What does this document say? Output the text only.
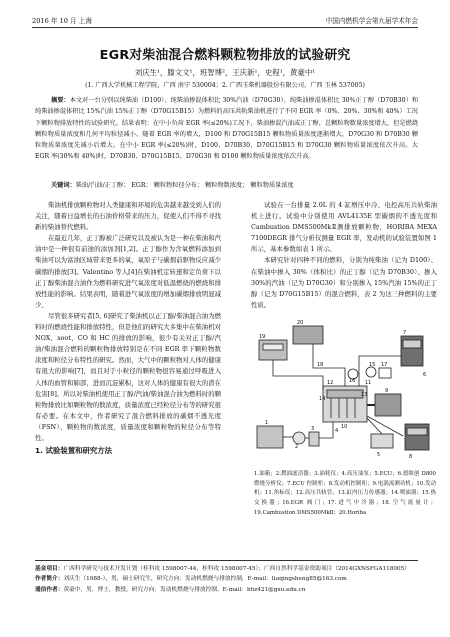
2016 年 10 月 上海	中国内燃机学会第九届学术年会
EGR对柴油混合燃料颗粒物排放的试验研究
刘庆生¹，滕文文¹，班智博²，王庆新¹，史程¹，黄豪中¹
(1. 广西大学机械工程学院，广西 南宁 530004；2. 广西玉柴机器股份有限公司，广西 玉林 537005)
摘要：本文对一台分别以纯柴油（D100）、纯柴油掺混体积比 30%汽油（D70G30）、纯柴油掺混体积比 30%正丁醇（D70B30）和纯柴油掺混体积比 15%汽油 15%正丁醇（D70G15B15）为燃料的高压共轨柴油机进行了不同 EGR 率（0%、20%、30%和 40%）工况下颗粒物排放特性的试验研究。结果表明：在中小负荷 EGR 率(≤20%)工况下，柴油掺混汽油或正丁醇，总颗粒物数量浓度增大，但是燃烧颗粒物质量浓度和几何平均粒径减小。随着 EGR 率的增大，D100 和 D70G15B15 颗粒物质量浓度逐渐增大，D70G30 和 D70B30 颗粒物质量浓度先减小后增大。在中小 EGR 率(≤20%)时，D100、D70B30、D70G15B15 和 D70G30 颗粒物质量浓度依次升高。大 EGR 率(30%和 40%)时，D70B30、D70G15B15、D70G30 和 D100 颗粒物质量浓度依次升高。
关键词：柴油/汽油/正丁醇； EGR； 颗粒物粒径分布； 颗粒物数浓度； 颗粒物质量浓度

柴油机排放颗粒物对人类健康和环境的危害越来越受到人们的关注，随着日益增长的石油价格带来的压力，促使人们不得不寻找新的柴油替代燃料。

在最近几年，正丁醇被广泛研究以及被认为是一种在柴油和汽油中是一种很有前途的添加剂[1,2]。正丁醇作为含氧燃料添加到柴油可以为富油区域带来更多的氧，氧原子与碳烟前驱物反应减少碳烟的排放[3]。Valentino 等人[4]在柴油机定转速和定负荷下以正丁醇柴油混合油作为燃料研究进气氧浓度对低温燃烧的燃烧和排放性能的影响。结果表明，随着进气氧浓度的增加碳烟排放明显减少。

尽管很多研究者[5, 6]研究了柴油机以正丁醇/柴油混合油为燃料时的燃烧性能和排放特性，但是他们的研究大多集中在柴油机对 NOX、soot、CO 和 HC 的排放的影响，很少有关对正丁醇/汽油/柴油混合燃料的颗粒物排放特别是在不同 EGR 率下颗粒物数浓度和粒径分布特性的研究。然而，大气中的颗粒物对人体的健康有很大的影响[7]，而且对于小粒径的颗粒物很容易通过呼吸进入人体的血管和肺部，进而沉淀累积，这对人体的健康有很大的潜在危害[8]。所以对柴油机使用正丁醇/汽油/柴油混合油为燃料时的颗粒物排放比如颗粒物的数浓度，质量浓度已经粒径分布等的研究很有必要。在本文中，作者研究了混合燃料排放的碳烟不透光度（FSN），颗粒物的数浓度，质量浓度和颗粒物的粒径分布等特性。

1. 试验装置和研究方法

试验在一台排量 2.0L 的 4 缸增压中冷、电控高压共轨柴油机上进行。试验中分别使用 AVL4135E 型碳烟的不透光度和 Cambustion DMS500MkⅡ测排放颗粒物，HORIBA MEXA 7100DEGR 排气分析仪测量 EGR 率，发动机的试验装置如图 1 所示，基本参数如表 1 所示。

本研究针对四种不同的燃料，分别为纯柴油（记为 D100）、在柴油中掺入 30%（体积比）的正丁醇（记为 D70B30）、掺入 30%的汽油（记为 D70G30）和分别掺入 15%汽油 15%的正丁醇（记为 D70G15B15）的混合燃料，表 2 为这三种燃料的主要性质。

1
2
3	4
5
19
20
7
8
9
10
11
12	16
15 17
18
13
14
6
1.油箱；2.燃油滤清器；3.油耗仪；4.高压油泵；5.ECU；6.德维创 D800 燃烧分析仪；7.ECU 控制柜；8.发动机控制柜；9.电涡流测功机；10.发动机；11.角标仪；12.高压共轨管；13.缸内压力传感器；14.喷油器；15.热交换器；16.EGR 阀门；17.进气中冷器；18.空气流量计；19.Cambustion DMS500MkⅡ；20.Horiba
基金项目：广西科学研究与技术开发计划（桂科攻 1598007-44，桂科攻 1598007-45）；广西自然科学基金资助项目（2014GXNSFGA118005）
作者简介：刘庆生（1988-），男，硕士研究生，研究方向：发动机燃烧与排放控制，E-mail：liuqingsheng85@163.com
通信作者：黄豪中，男，博士，教授，研究方向：发动机燃烧与排放控制，E-mail：hhz421@gxu.edu.cn
